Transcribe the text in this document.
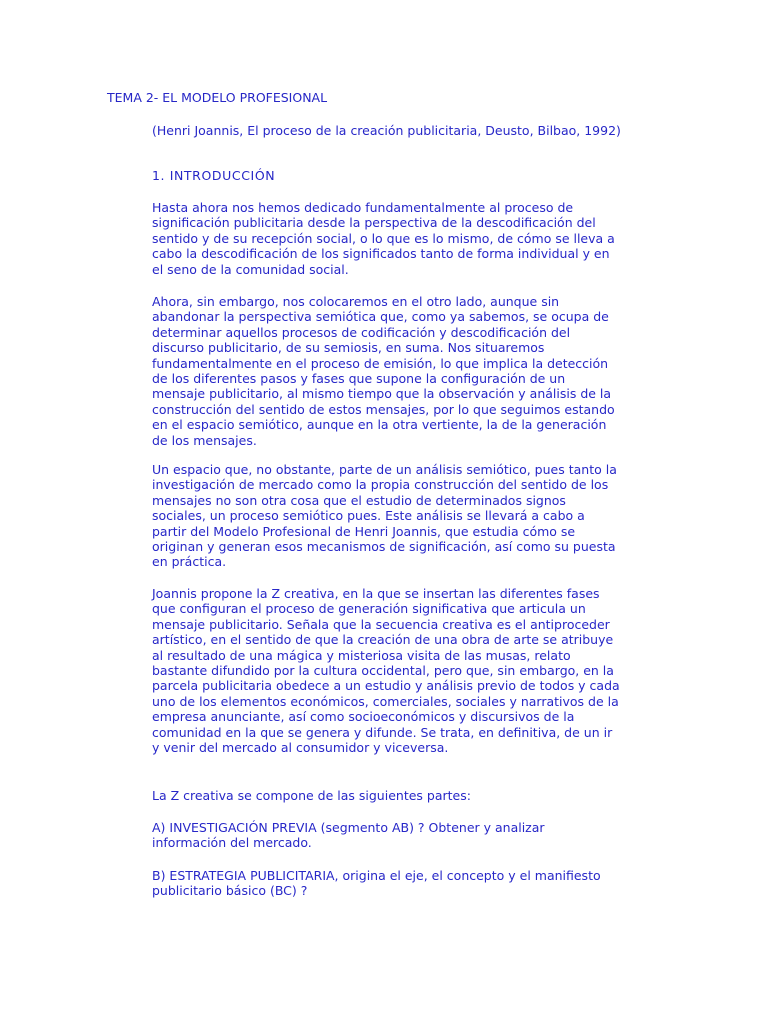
TEMA 2- EL MODELO PROFESIONAL

(Henri Joannis, El proceso de la creación publicitaria, Deusto, Bilbao, 1992)

1. INTRODUCCIÓN

Hasta ahora nos hemos dedicado fundamentalmente al proceso de significación publicitaria desde la perspectiva de la descodificación del sentido y de su recepción social, o lo que es lo mismo, de cómo se lleva a cabo la descodificación de los significados tanto de forma individual y en el seno de la comunidad social.

Ahora, sin embargo, nos colocaremos en el otro lado, aunque sin abandonar la perspectiva semiótica que, como ya sabemos, se ocupa de determinar aquellos procesos de codificación y descodificación del discurso publicitario, de su semiosis, en suma. Nos situaremos fundamentalmente en el proceso de emisión, lo que implica la detección de los diferentes pasos y fases que supone la configuración de un mensaje publicitario, al mismo tiempo que la observación y análisis de la construcción del sentido de estos mensajes, por lo que seguimos estando en el espacio semiótico, aunque en la otra vertiente, la de la generación de los mensajes.

Un espacio que, no obstante, parte de un análisis semiótico, pues tanto la investigación de mercado como la propia construcción del sentido de los mensajes no son otra cosa que el estudio de determinados signos sociales, un proceso semiótico pues. Este análisis se llevará a cabo a partir del Modelo Profesional de Henri Joannis, que estudia cómo se originan y generan esos mecanismos de significación, así como su puesta en práctica.

Joannis propone la Z creativa, en la que se insertan las diferentes fases que configuran el proceso de generación significativa que articula un mensaje publicitario. Señala que la secuencia creativa es el antiproceder artístico, en el sentido de que la creación de una obra de arte se atribuye al resultado de una mágica y misteriosa visita de las musas, relato bastante difundido por la cultura occidental, pero que, sin embargo, en la parcela publicitaria obedece a un estudio y análisis previo de todos y cada uno de los elementos económicos, comerciales, sociales y narrativos de la empresa anunciante, así como socioeconómicos y discursivos de la comunidad en la que se genera y difunde. Se trata, en definitiva, de un ir y venir del mercado al consumidor y viceversa.

La Z creativa se compone de las siguientes partes:

A) INVESTIGACIÓN PREVIA (segmento AB) ? Obtener y analizar información del mercado.

B) ESTRATEGIA PUBLICITARIA, origina el eje, el concepto y el manifiesto publicitario básico (BC) ?
